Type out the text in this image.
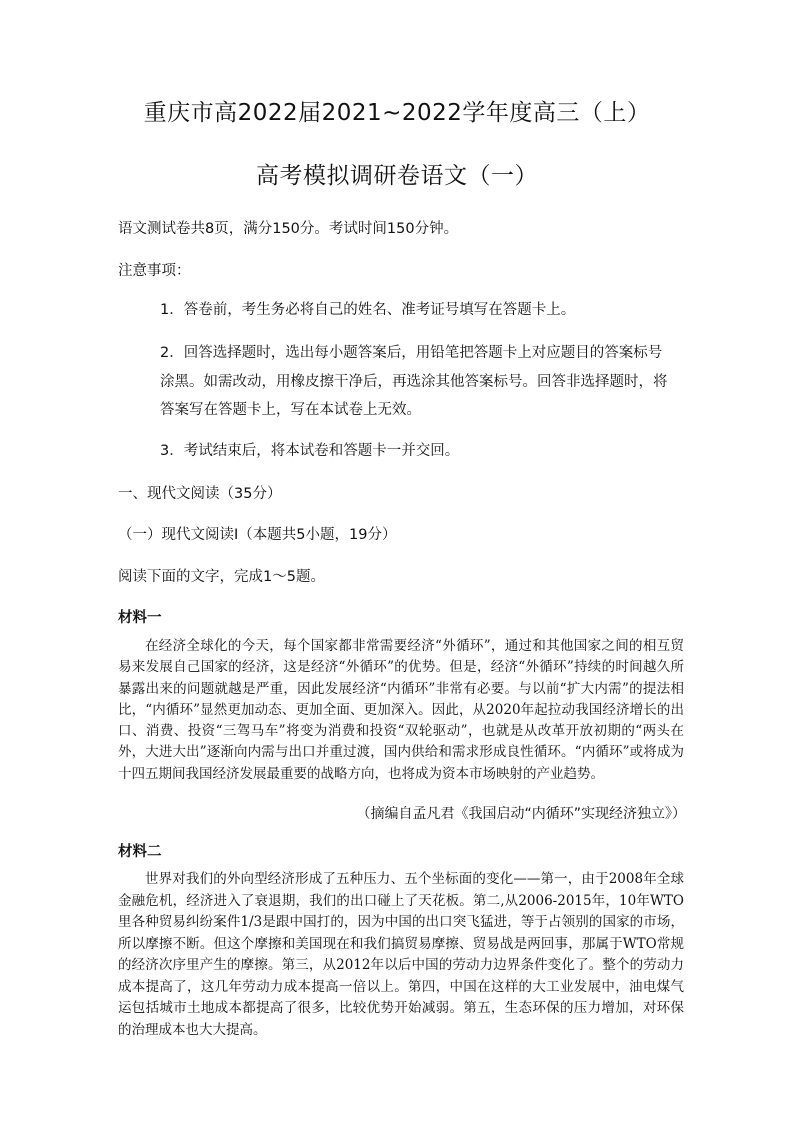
重庆市高2022届2021~2022学年度高三（上）
高考模拟调研卷语文（一）
语文测试卷共8页，满分150分。考试时间150分钟。
注意事项：
1．答卷前，考生务必将自己的姓名、准考证号填写在答题卡上。
2．回答选择题时，选出每小题答案后，用铅笔把答题卡上对应题目的答案标号
涂黑。如需改动，用橡皮擦干净后，再选涂其他答案标号。回答非选择题时，将
答案写在答题卡上，写在本试卷上无效。
3．考试结束后，将本试卷和答题卡一并交回。
一、现代文阅读（35分）
（一）现代文阅读Ⅰ（本题共5小题，19分）
阅读下面的文字，完成1～5题。
材料一
在经济全球化的今天，每个国家都非常需要经济“外循环”，通过和其他国家之间的相互贸易来发展自己国家的经济，这是经济“外循环”的优势。但是，经济“外循环”持续的时间越久所暴露出来的问题就越是严重，因此发展经济“内循环”非常有必要。与以前“扩大内需”的提法相比，“内循环”显然更加动态、更加全面、更加深入。因此，从2020年起拉动我国经济增长的出口、消费、投资“三驾马车”将变为消费和投资“双轮驱动”，也就是从改革开放初期的“两头在外，大进大出”逐渐向内需与出口并重过渡，国内供给和需求形成良性循环。“内循环”或将成为十四五期间我国经济发展最重要的战略方向，也将成为资本市场映射的产业趋势。
（摘编自孟凡君《我国启动“内循环”实现经济独立》）
材料二
世界对我们的外向型经济形成了五种压力、五个坐标面的变化——第一，由于2008年全球金融危机，经济进入了衰退期，我们的出口碰上了天花板。第二,从2006-2015年，10年WTO里各种贸易纠纷案件1/3是跟中国打的，因为中国的出口突飞猛进，等于占领别的国家的市场，所以摩擦不断。但这个摩擦和美国现在和我们搞贸易摩擦、贸易战是两回事，那属于WTO常规的经济次序里产生的摩擦。第三，从2012年以后中国的劳动力边界条件变化了。整个的劳动力成本提高了，这几年劳动力成本提高一倍以上。第四，中国在这样的大工业发展中，油电煤气运包括城市土地成本都提高了很多，比较优势开始减弱。第五，生态环保的压力增加，对环保的治理成本也大大提高。
